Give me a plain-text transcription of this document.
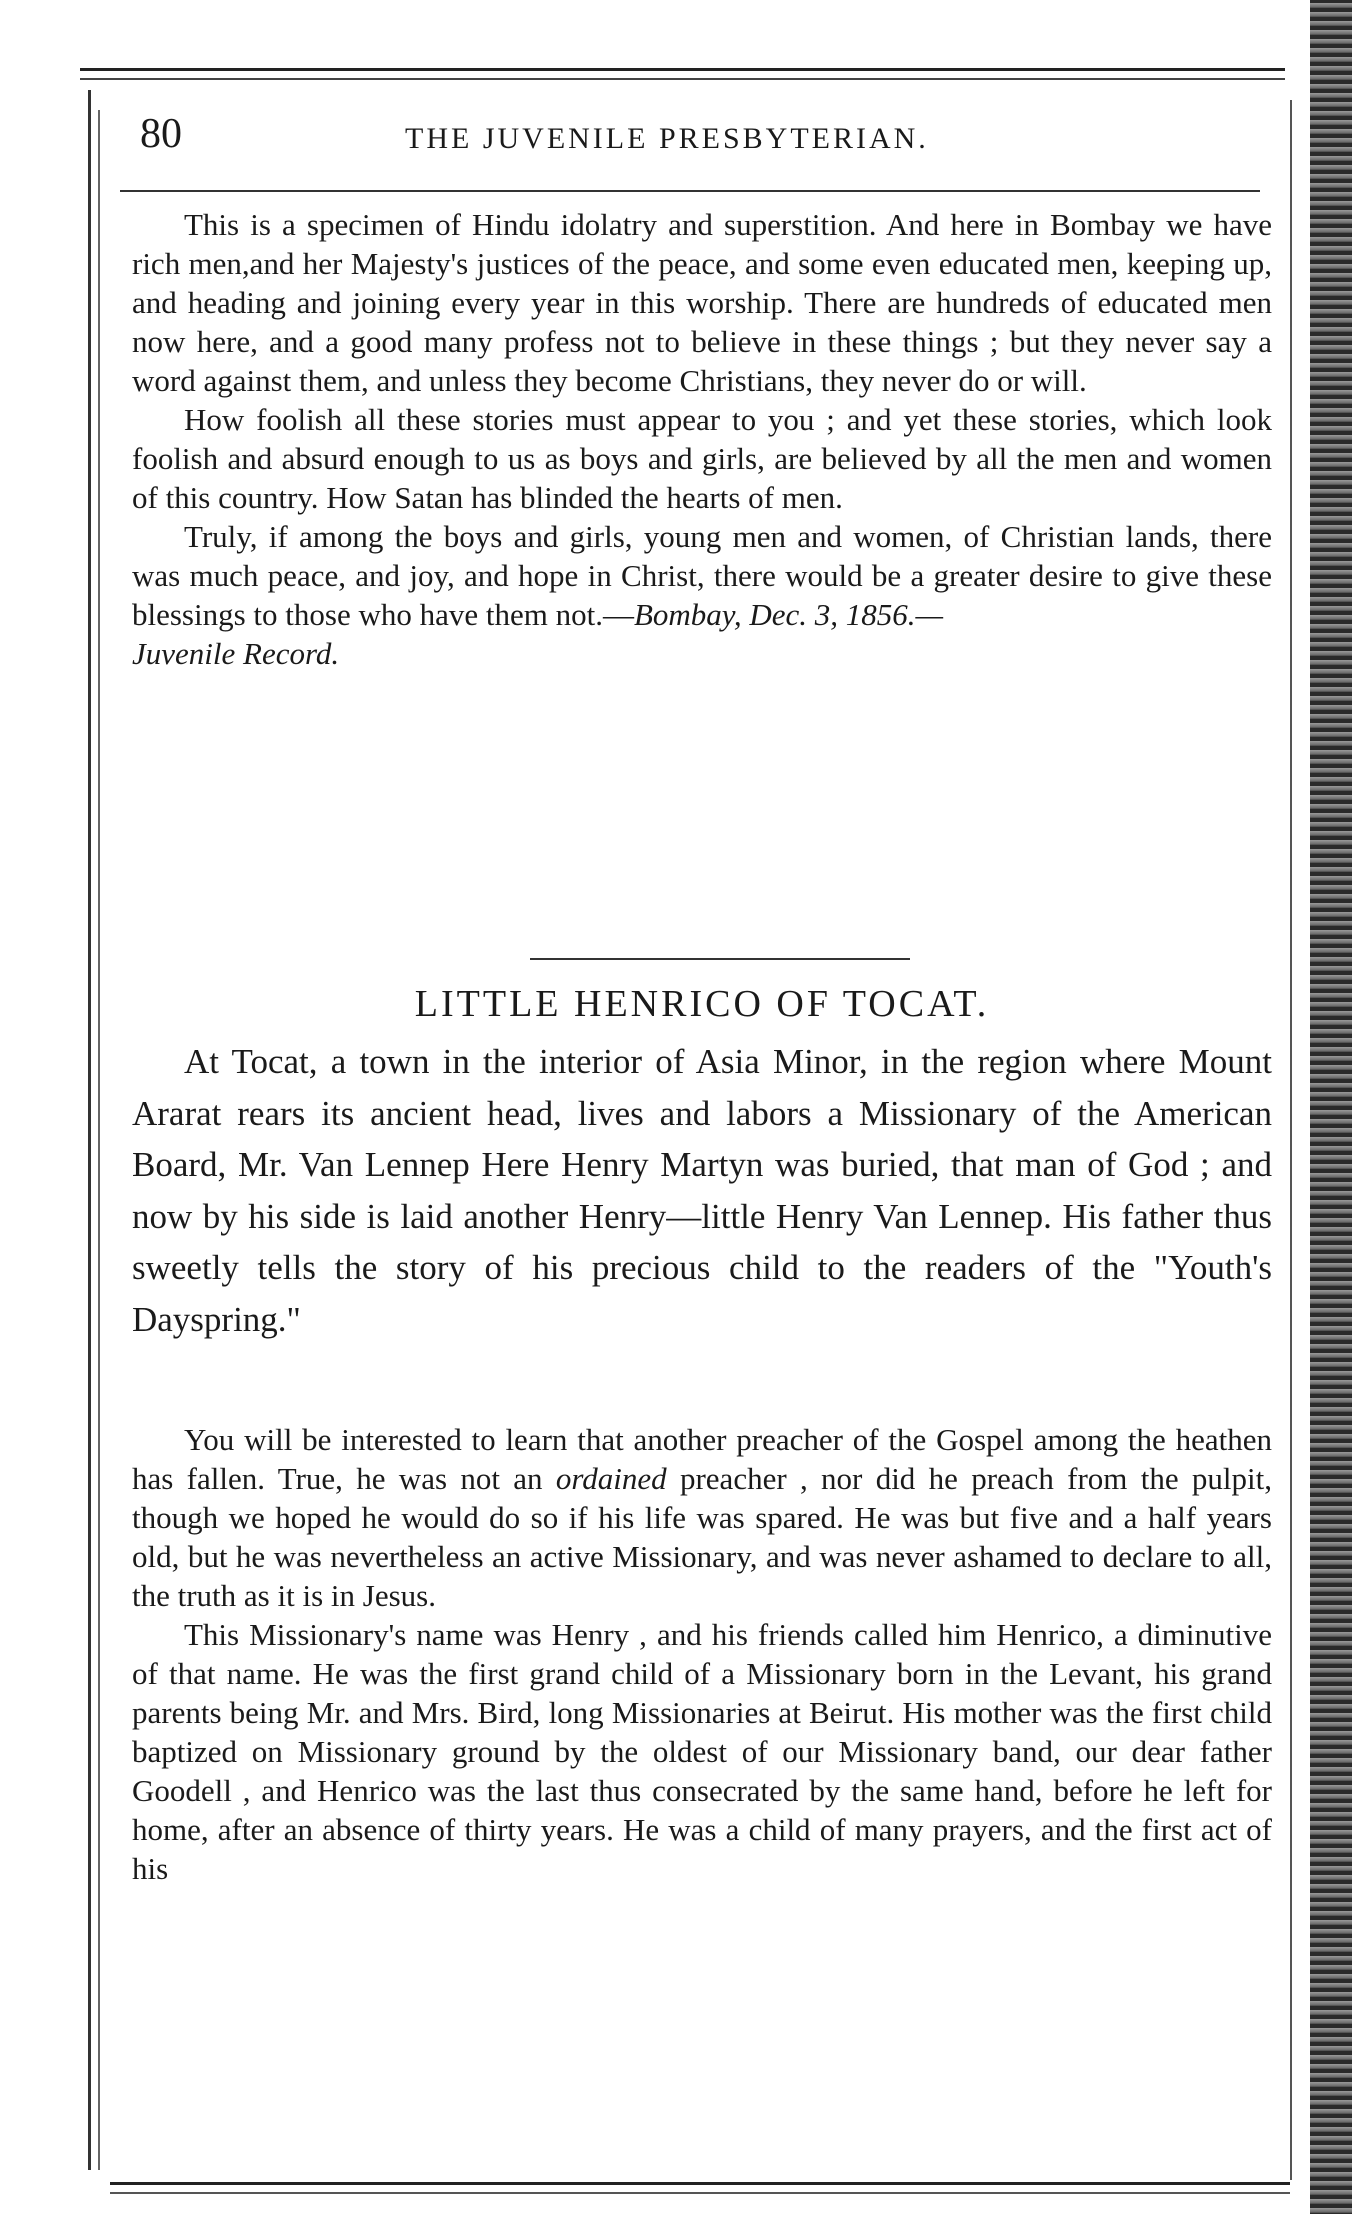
80	THE JUVENILE PRESBYTERIAN.

This is a specimen of Hindu idolatry and superstition. And here in Bombay we have rich men,and her Majesty's justices of the peace, and some even educated men, keeping up, and heading and joining every year in this worship. There are hundreds of educated men now here, and a good many profess not to believe in these things ; but they never say a word against them, and unless they become Christians, they never do or will.

How foolish all these stories must appear to you ; and yet these stories, which look foolish and absurd enough to us as boys and girls, are believed by all the men and women of this country. How Satan has blinded the hearts of men.

Truly, if among the boys and girls, young men and women, of Christian lands, there was much peace, and joy, and hope in Christ, there would be a greater desire to give these blessings to those who have them not.—Bombay, Dec. 3, 1856.—
Juvenile Record.

LITTLE HENRICO OF TOCAT.

At Tocat, a town in the interior of Asia Minor, in the region where Mount Ararat rears its ancient head, lives and labors a Missionary of the American Board, Mr. Van Lennep Here Henry Martyn was buried, that man of God ; and now by his side is laid another Henry—little Henry Van Lennep. His father thus sweetly tells the story of his precious child to the readers of the "Youth's Dayspring."

You will be interested to learn that another preacher of the Gospel among the heathen has fallen. True, he was not an ordained preacher , nor did he preach from the pulpit, though we hoped he would do so if his life was spared. He was but five and a half years old, but he was nevertheless an active Missionary, and was never ashamed to declare to all, the truth as it is in Jesus.

This Missionary's name was Henry , and his friends called him Henrico, a diminutive of that name. He was the first grand child of a Missionary born in the Levant, his grand parents being Mr. and Mrs. Bird, long Missionaries at Beirut. His mother was the first child baptized on Missionary ground by the oldest of our Missionary band, our dear father Goodell , and Henrico was the last thus consecrated by the same hand, before he left for home, after an absence of thirty years. He was a child of many prayers, and the first act of his
